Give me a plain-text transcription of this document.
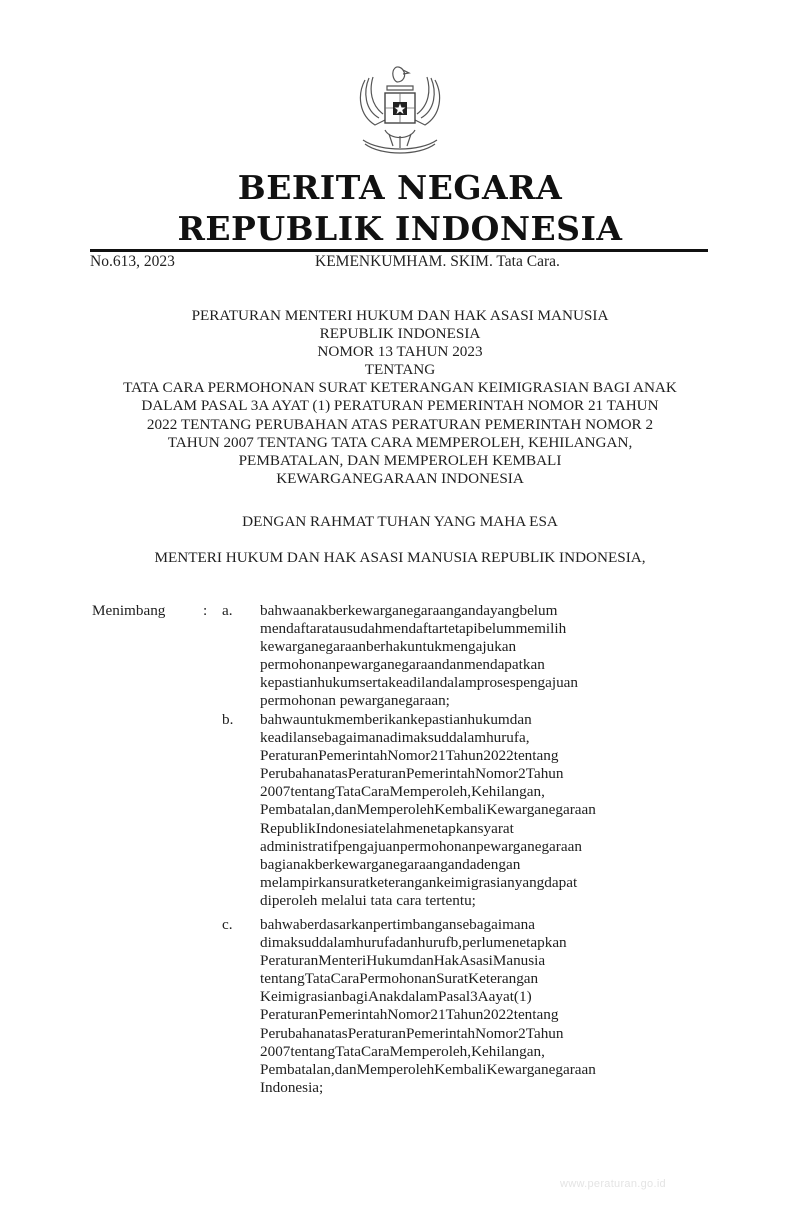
BERITA NEGARA
REPUBLIK INDONESIA
No.613, 2023	KEMENKUMHAM. SKIM. Tata Cara.
PERATURAN MENTERI HUKUM DAN HAK ASASI MANUSIA
REPUBLIK INDONESIA
NOMOR 13 TAHUN 2023
TENTANG
TATA CARA PERMOHONAN SURAT KETERANGAN KEIMIGRASIAN BAGI ANAK
DALAM PASAL 3A AYAT (1) PERATURAN PEMERINTAH NOMOR 21 TAHUN
2022 TENTANG PERUBAHAN ATAS PERATURAN PEMERINTAH NOMOR 2
TAHUN 2007 TENTANG TATA CARA MEMPEROLEH, KEHILANGAN,
PEMBATALAN, DAN MEMPEROLEH KEMBALI
KEWARGANEGARAAN INDONESIA
DENGAN RAHMAT TUHAN YANG MAHA ESA
MENTERI HUKUM DAN HAK ASASI MANUSIA REPUBLIK INDONESIA,
Menimbang : a. bahwaanakberkewarganegaraangandayangbelum
mendaftaratausudahmendaftartetapibelummemilih
kewarganegaraanberhakuntukmengajukan
permohonanpewarganegaraandanmendapatkan
kepastianhukumsertakeadilandalamprosespengajuan
permohonan pewarganegaraan;
b. bahwauntukmemberikankepastianhukumdan
keadilansebagaimanadimaksuddalamhurufa,
PeraturanPemerintahNomor21Tahun2022tentang
PerubahanatasPeraturanPemerintahNomor2Tahun
2007tentangTataCaraMemperoleh,Kehilangan,
Pembatalan,danMemperolehKembaliKewarganegaraan
RepublikIndonesiatelahmenetapkansyarat
administratifpengajuanpermohonanpewarganegaraan
bagianakberkewarganegaraangandadengan
melampirkansuratketerangankeimigrasianyangdapat
diperoleh melalui tata cara tertentu;
c. bahwaberdasarkanpertimbangansebagaimana
dimaksuddalamhurufadanhurufb,perlumenetapkan
PeraturanMenteriHukumdanHakAsasiManusia
tentangTataCaraPermohonanSuratKeterangan
KeimigrasianbagiAnakdalamPasal3Aayat(1)
PeraturanPemerintahNomor21Tahun2022tentang
PerubahanatasPeraturanPemerintahNomor2Tahun
2007tentangTataCaraMemperoleh,Kehilangan,
Pembatalan,danMemperolehKembaliKewarganegaraan
Indonesia;
www.peraturan.go.id
